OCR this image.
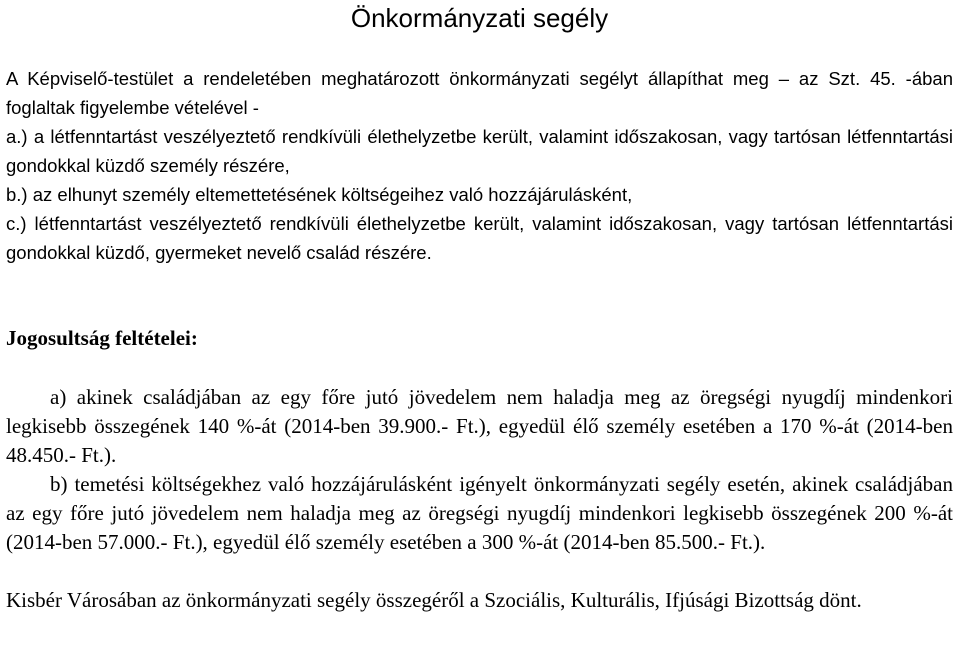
Önkormányzati segély

A Képviselő-testület a rendeletében meghatározott önkormányzati segélyt állapíthat meg – az Szt. 45. -ában foglaltak figyelembe vételével -

a.) a létfenntartást veszélyeztető rendkívüli élethelyzetbe került, valamint időszakosan, vagy tartósan létfenntartási gondokkal küzdő személy részére,

b.) az elhunyt személy eltemettetésének költségeihez való hozzájárulásként,

c.) létfenntartást veszélyeztető rendkívüli élethelyzetbe került, valamint időszakosan, vagy tartósan létfenntartási gondokkal küzdő, gyermeket nevelő család részére.

Jogosultság feltételei:

a) akinek családjában az egy főre jutó jövedelem nem haladja meg az öregségi nyugdíj mindenkori legkisebb összegének 140 %-át (2014-ben 39.900.- Ft.), egyedül élő személy esetében a 170 %-át (2014-ben 48.450.- Ft.).

b) temetési költségekhez való hozzájárulásként igényelt önkormányzati segély esetén, akinek családjában az egy főre jutó jövedelem nem haladja meg az öregségi nyugdíj mindenkori legkisebb összegének 200 %-át (2014-ben 57.000.- Ft.), egyedül élő személy esetében a 300 %-át (2014-ben 85.500.- Ft.).

Kisbér Városában az önkormányzati segély összegéről a Szociális, Kulturális, Ifjúsági Bizottság dönt.
